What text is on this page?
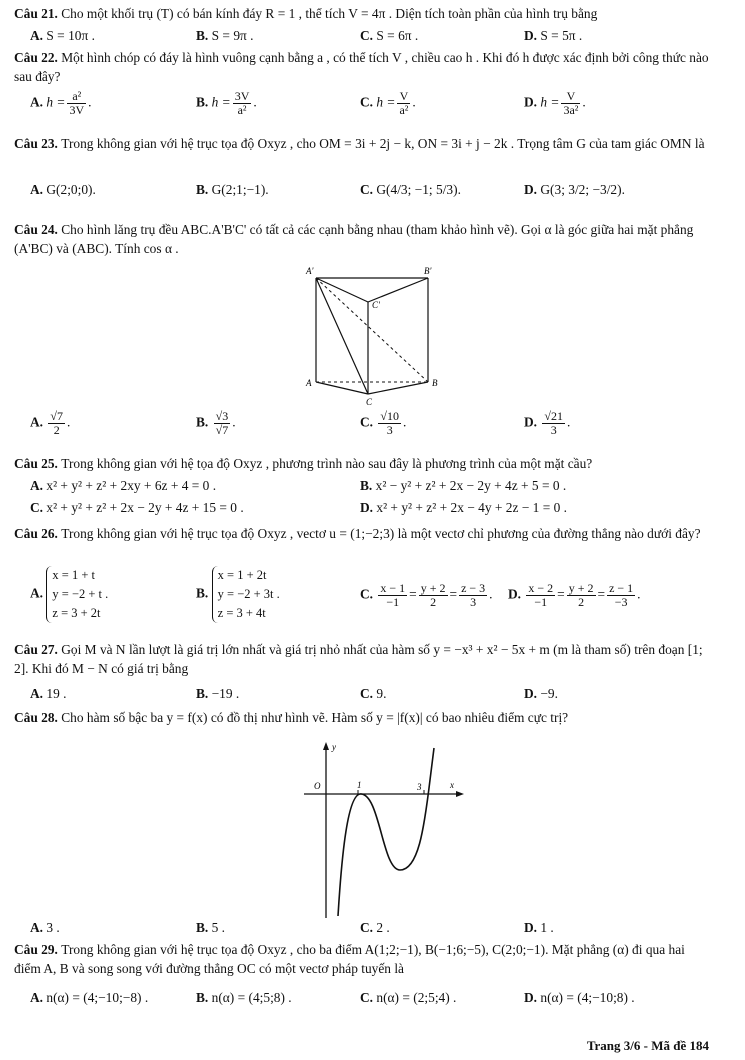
Câu 21. Cho một khối trụ (T) có bán kính đáy R = 1 , thể tích V = 4π . Diện tích toàn phần của hình trụ bằng
A. S = 10π .	B. S = 9π .	C. S = 6π .	D. S = 5π .
Câu 22. Một hình chóp có đáy là hình vuông cạnh bằng a , có thể tích V , chiều cao h . Khi đó h được xác định bởi công thức nào sau đây?
A. $h = \frac{\text{a²}}{3V}$ .	B. $h = \frac{3V}{\text{a²}}$ .	C. $h = \frac{V}{\text{a²}}$ .	D. $h = \frac{V}{\text{3a²}}$ .
Câu 23. Trong không gian với hệ trục tọa độ Oxyz , cho OM = 3i + 2j − k, ON = 3i + j − 2k . Trọng tâm G của tam giác OMN là
A. G(2;0;0).	B. G(2;1;−1).	C. G(4/3; −1; 5/3).	D. G(3; 3/2; −3/2).
Câu 24. Cho hình lăng trụ đều ABC.A'B'C' có tất cả các cạnh bằng nhau (tham khảo hình vẽ). Gọi α là góc giữa hai mặt phẳng (A'BC) và (ABC). Tính cos α .
A'	B'
C'
A	B
C
A. $\frac{√7}{2}$ .	B. $\frac{√3}{√7}$ .	C. $\frac{√10}{3}$ .	D. $\frac{√21}{3}$ .
Câu 25. Trong không gian với hệ tọa độ Oxyz , phương trình nào sau đây là phương trình của một mặt cầu?
A. x² + y² + z² + 2xy + 6z + 4 = 0 .	B. x² − y² + z² + 2x − 2y + 4z + 5 = 0 .
C. x² + y² + z² + 2x − 2y + 4z + 15 = 0 .	D. x² + y² + z² + 2x − 4y + 2z − 1 = 0 .
Câu 26. Trong không gian với hệ trục tọa độ Oxyz , vectơ u = (1;−2;3) là một vectơ chỉ phương của đường thẳng nào dưới đây?
A. x = 1 + t
y = −2 + t .
z = 3 + 2t
B. x = 1 + 2t
y = −2 + 3t .
z = 3 + 4t
C. $\frac{x - 1}{-1} = \frac{y + 2}{2} = \frac{z - 3}{3}$ . D. $\frac{x - 2}{-1} = \frac{y + 2}{2} = \frac{z - 1}{-3}$ .
Câu 27. Gọi M và N lần lượt là giá trị lớn nhất và giá trị nhỏ nhất của hàm số y = −x³ + x² − 5x + m (m là tham số) trên đoạn [1; 2]. Khi đó M − N có giá trị bằng
A. 19 .	B. −19 .	C. 9.	D. −9.
Câu 28. Cho hàm số bậc ba y = f(x) có đồ thị như hình vẽ. Hàm số y = |f(x)| có bao nhiêu điểm cực trị?
y
O	1	3	x
A. 3 .	B. 5 .	C. 2 .	D. 1 .
Câu 29. Trong không gian với hệ trục tọa độ Oxyz , cho ba điểm A(1;2;−1), B(−1;6;−5), C(2;0;−1). Mặt phẳng (α) đi qua hai điểm A, B và song song với đường thẳng OC có một vectơ pháp tuyến là
A. n(α) = (4;−10;−8) .	B. n(α) = (4;5;8) .	C. n(α) = (2;5;4) .	D. n(α) = (4;−10;8) .
Trang 3/6 - Mã đề 184
